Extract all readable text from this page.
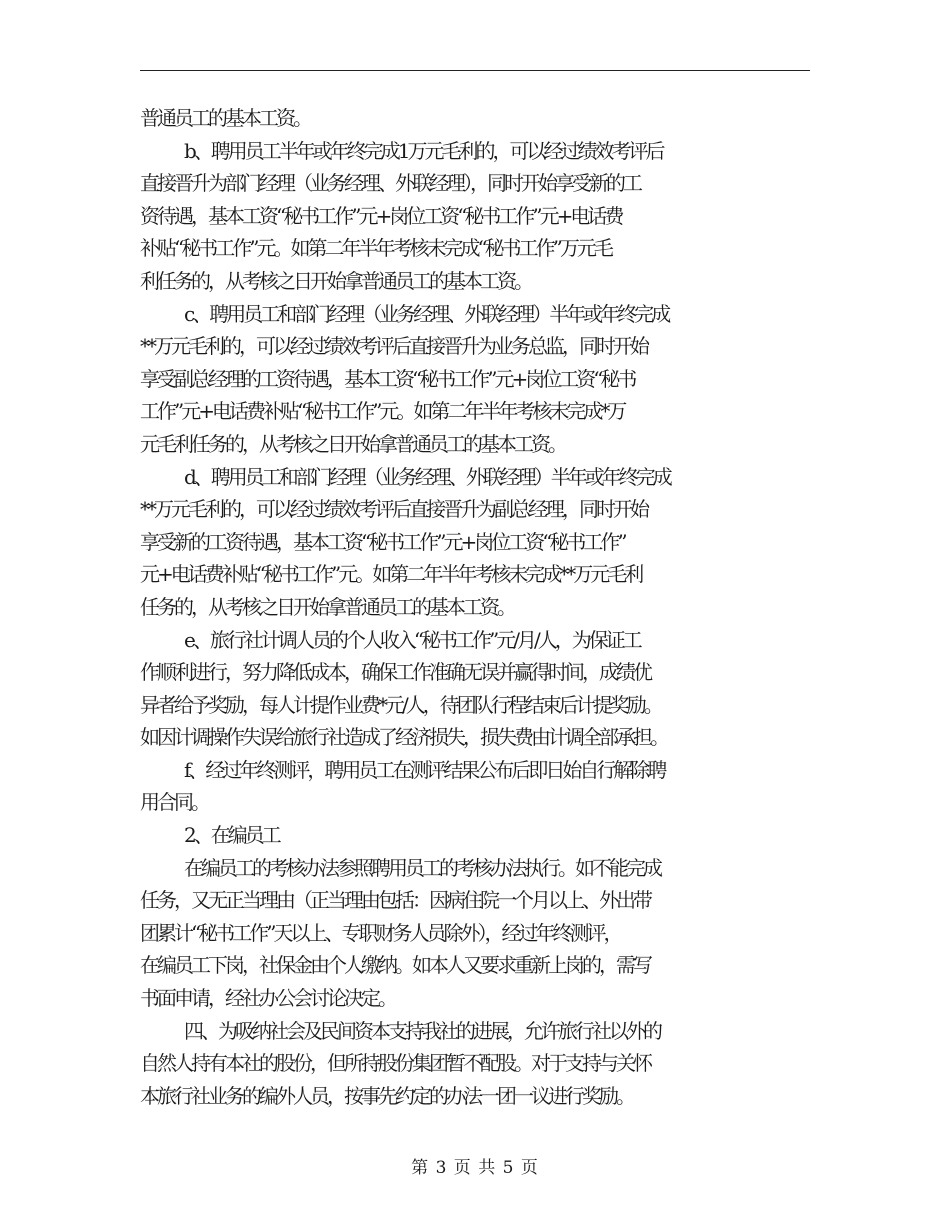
普通员工的基本工资。
b、聘用员工半年或年终完成1万元毛利的，可以经过绩效考评后
直接晋升为部门经理（业务经理、外联经理），同时开始享受新的工
资待遇，基本工资“秘书工作”元+岗位工资“秘书工作”元+电话费
补贴“秘书工作”元。如第二年半年考核未完成“秘书工作”万元毛
利任务的，从考核之日开始拿普通员工的基本工资。
c、聘用员工和部门经理（业务经理、外联经理）半年或年终完成
**万元毛利的，可以经过绩效考评后直接晋升为业务总监，同时开始
享受副总经理的工资待遇，基本工资“秘书工作”元+岗位工资“秘书
工作”元+电话费补贴“秘书工作”元。如第二年半年考核未完成*万
元毛利任务的，从考核之日开始拿普通员工的基本工资。
d、聘用员工和部门经理（业务经理、外联经理）半年或年终完成
**万元毛利的，可以经过绩效考评后直接晋升为副总经理，同时开始
享受新的工资待遇，基本工资“秘书工作”元+岗位工资“秘书工作”
元+电话费补贴“秘书工作”元。如第二年半年考核未完成**万元毛利
任务的，从考核之日开始拿普通员工的基本工资。
e、旅行社计调人员的个人收入“秘书工作”元/月/人，为保证工
作顺利进行，努力降低成本，确保工作准确无误并赢得时间，成绩优
异者给予奖励，每人计提作业费*元/人，待团队行程结束后计提奖励。
如因计调操作失误给旅行社造成了经济损失，损失费由计调全部承担。
f、经过年终测评，聘用员工在测评结果公布后即日始自行解除聘
用合同。
2、在编员工
在编员工的考核办法参照聘用员工的考核办法执行。如不能完成
任务，又无正当理由（正当理由包括：因病住院一个月以上、外出带
团累计“秘书工作”天以上、专职财务人员除外），经过年终测评，
在编员工下岗，社保金由个人缴纳。如本人又要求重新上岗的，需写
书面申请，经社办公会讨论决定。
四、为吸纳社会及民间资本支持我社的进展，允许旅行社以外的
自然人持有本社的股份，但所持股份集团暂不配股。对于支持与关怀
本旅行社业务的编外人员，按事先约定的办法一团一议进行奖励。
第 3 页 共 5 页
